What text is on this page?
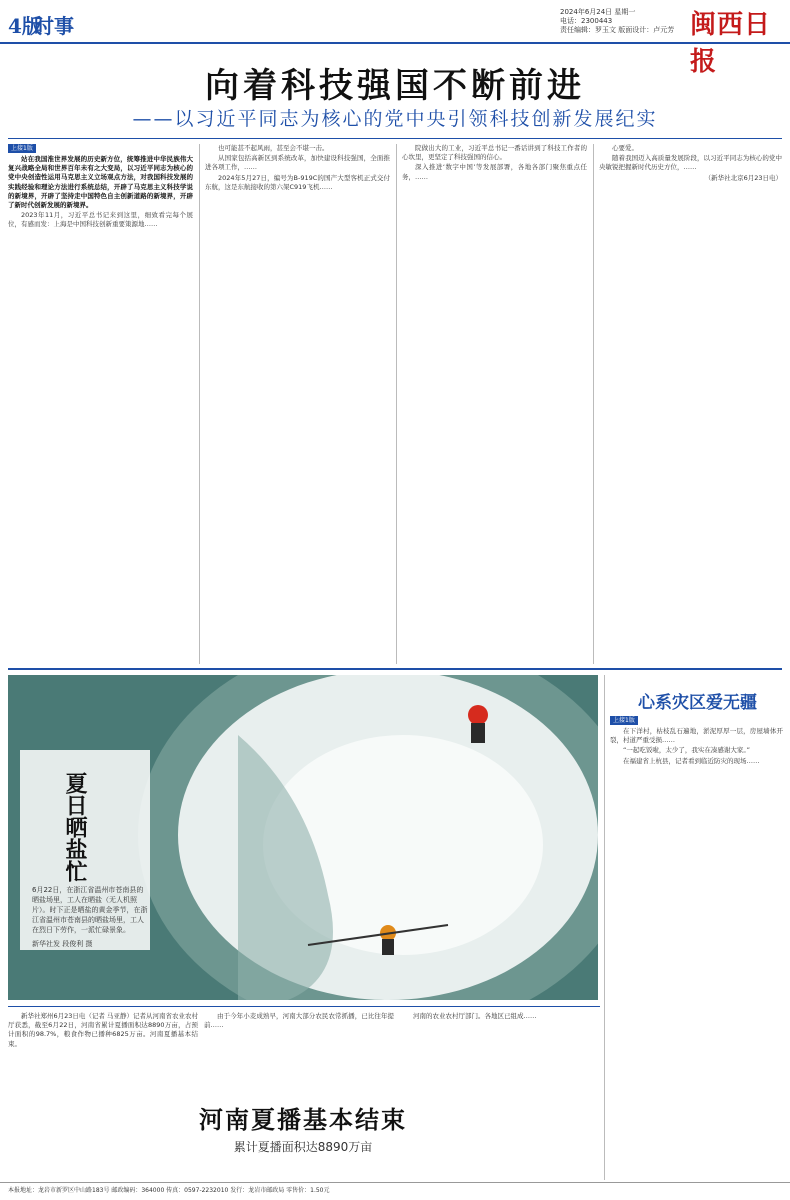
4版
时事
2024年6月24日 星期一
电话：2300443
责任编辑：罗玉文 版面设计：卢元芳 闽西日报
向着科技强国不断前进
——以习近平同志为核心的党中央引领科技创新发展纪实
上接1版

站在我国淮世界发展的历史新方位，统筹推进中华民族伟大复兴战略全局和世界百年未有之大变局，以习近平同志为核心的党中央创造性运用马克思主义立场观点方法，对我国科技发展的实践经验和理论方法进行系统总结，开辟了马克思主义科技学说的新境界，开辟了坚持走中国特色自主创新道路的新境界，开辟了新时代创新发展的新境界。

2023年11月，习近平总书记来到这里，细致看完每个展位，有感而发：上海是中国科技创新重要策源地……

也可能甚不起风雨，甚至会不堪一击。

从国家包括高新区到系统改革，加快建设科技强国，全面推进各项工作，……

2024年5月27日，编号为B-919C的国产大型客机正式交付东航，这是东航接收的第六架C919飞机……

院做出大的工业，习近平总书记一番话讲到了科技工作者的心坎里，更坚定了科技强国的信心。

深入推进‘数字中国’等发展部署，各地各部门聚焦重点任务，……

心要爱。

随着我国迈入高质量发展阶段，以习近平同志为核心的党中央敏锐把握新时代历史方位，……

（新华社北京6月23日电）

夏日晒盐忙
6月22日，在浙江省温州市苍南县的晒盐场里，工人在晒盐（无人机照片）。时下正是晒盐的黄金季节，在浙江省温州市苍南县的晒盐场里，工人在烈日下劳作，一派忙碌景象。
新华社发 段俊利 摄
心系灾区爱无疆
上接1版

在下洋村，枯枝乱石遍地，淤泥厚厚一层，房屋墙体开裂，村道严重受损……

“一起吃饭啦，太少了，我实在凑感谢大家。”

在福建省上杭县，记者看到临近防灾的现场……

河南夏播基本结束
累计夏播面积达8890万亩

新华社郑州6月23日电（记者 马亚静）记者从河南省农业农村厅获悉，截至6月22日，河南省累计夏播面积达8890万亩，占预计面积的98.7%，粮食作物已播种6825万亩。河南夏播基本结束。

由于今年小麦成熟早，河南大部分农民农常抓播，已比往年提前……

河南的农业农村厅部门。各地区已组成……

本报地址：龙岩市新罗区中山路183号 邮政编码：364000 传真：0597-2232010 发行：龙岩市邮政局 零售价：1.50元
